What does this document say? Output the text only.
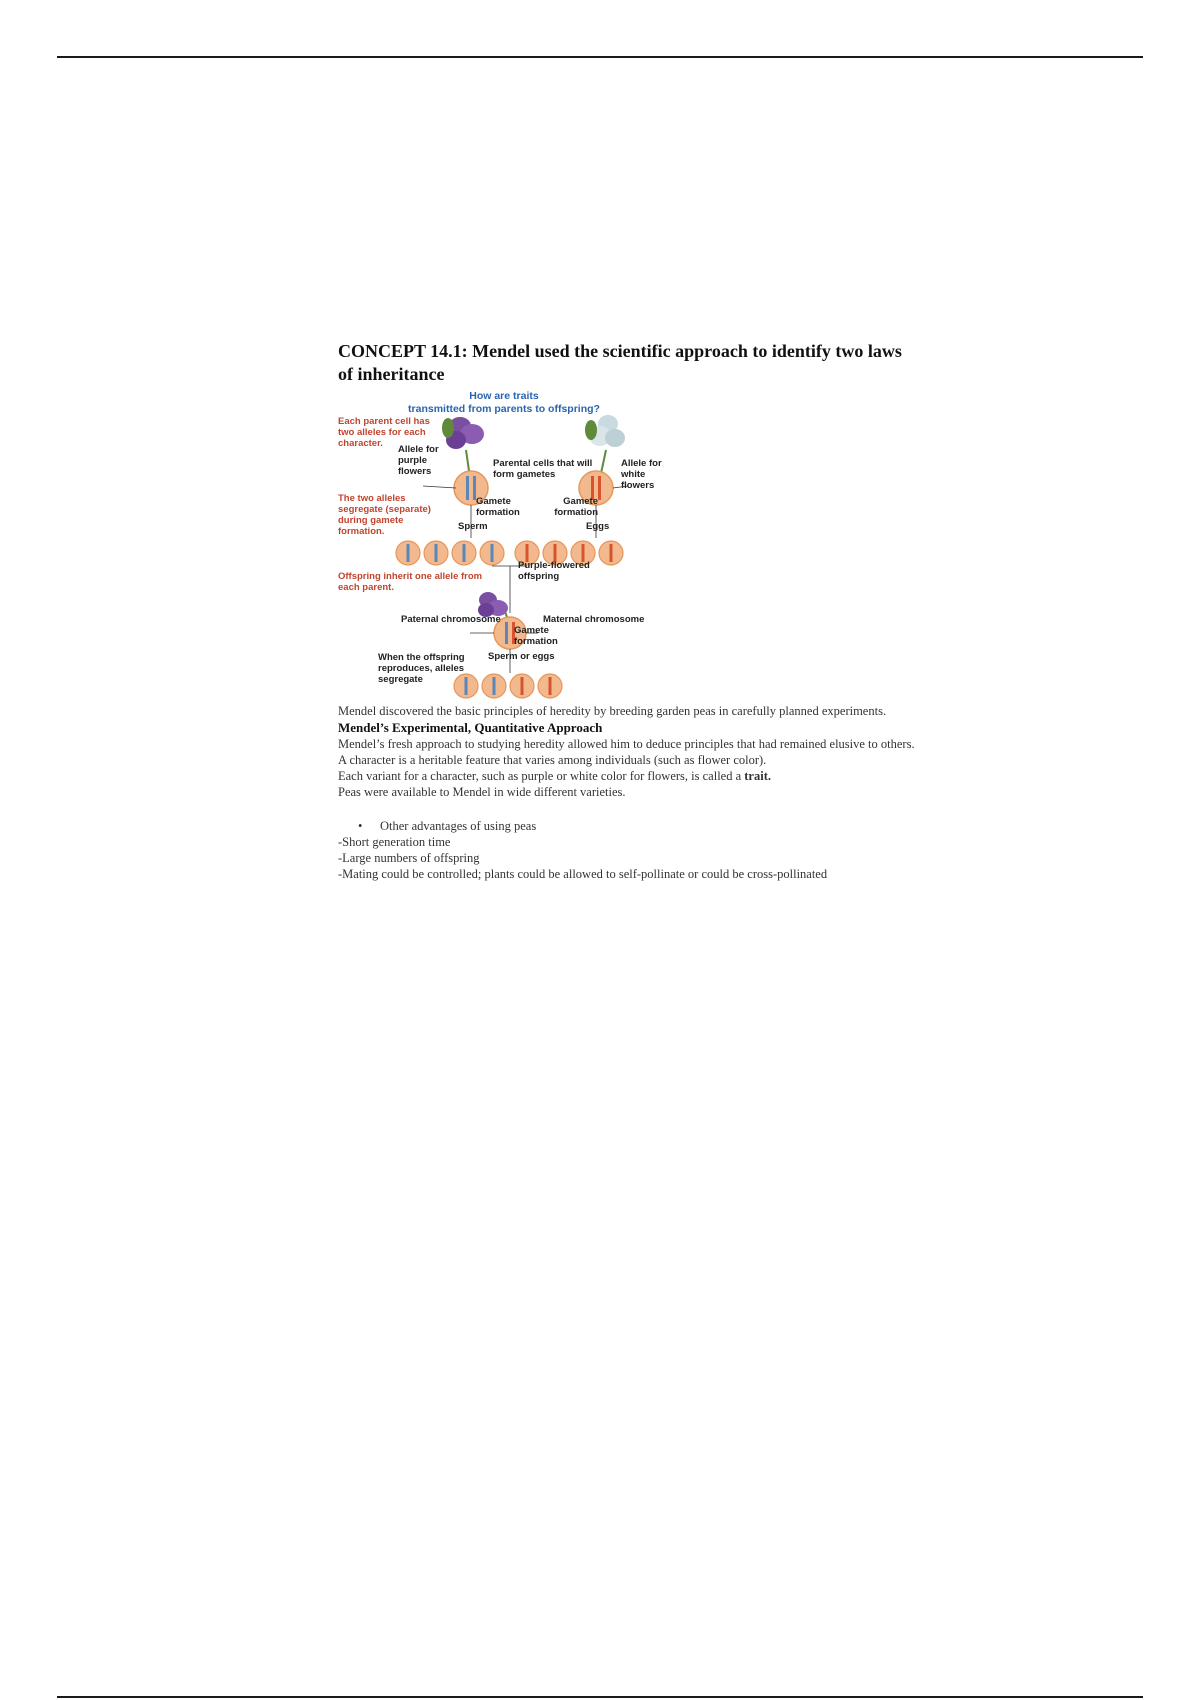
CONCEPT 14.1: Mendel used the scientific approach to identify two laws of inheritance
How are traits
transmitted from parents to offspring?
Each parent cell has two alleles for each character.
Allele for purple flowers
Parental cells that will form gametes
Allele for white flowers
The two alleles segregate (separate) during gamete formation.
Gamete formation
Gamete formation
Sperm	Eggs
Purple-flowered offspring
Offspring inherit one allele from each parent.
Paternal chromosome	Maternal chromosome
Gamete formation
Sperm or eggs
When the offspring reproduces, alleles segregate

Mendel discovered the basic principles of heredity by breeding garden peas in carefully planned experiments.

Mendel’s Experimental, Quantitative Approach

Mendel’s fresh approach to studying heredity allowed him to deduce principles that had remained elusive to others.

A character is a heritable feature that varies among individuals (such as flower color).

Each variant for a character, such as purple or white color for flowers, is called a trait.

Peas were available to Mendel in wide different varieties.

• Other advantages of using peas

-Short generation time

-Large numbers of offspring

-Mating could be controlled; plants could be allowed to self-pollinate or could be cross-pollinated
